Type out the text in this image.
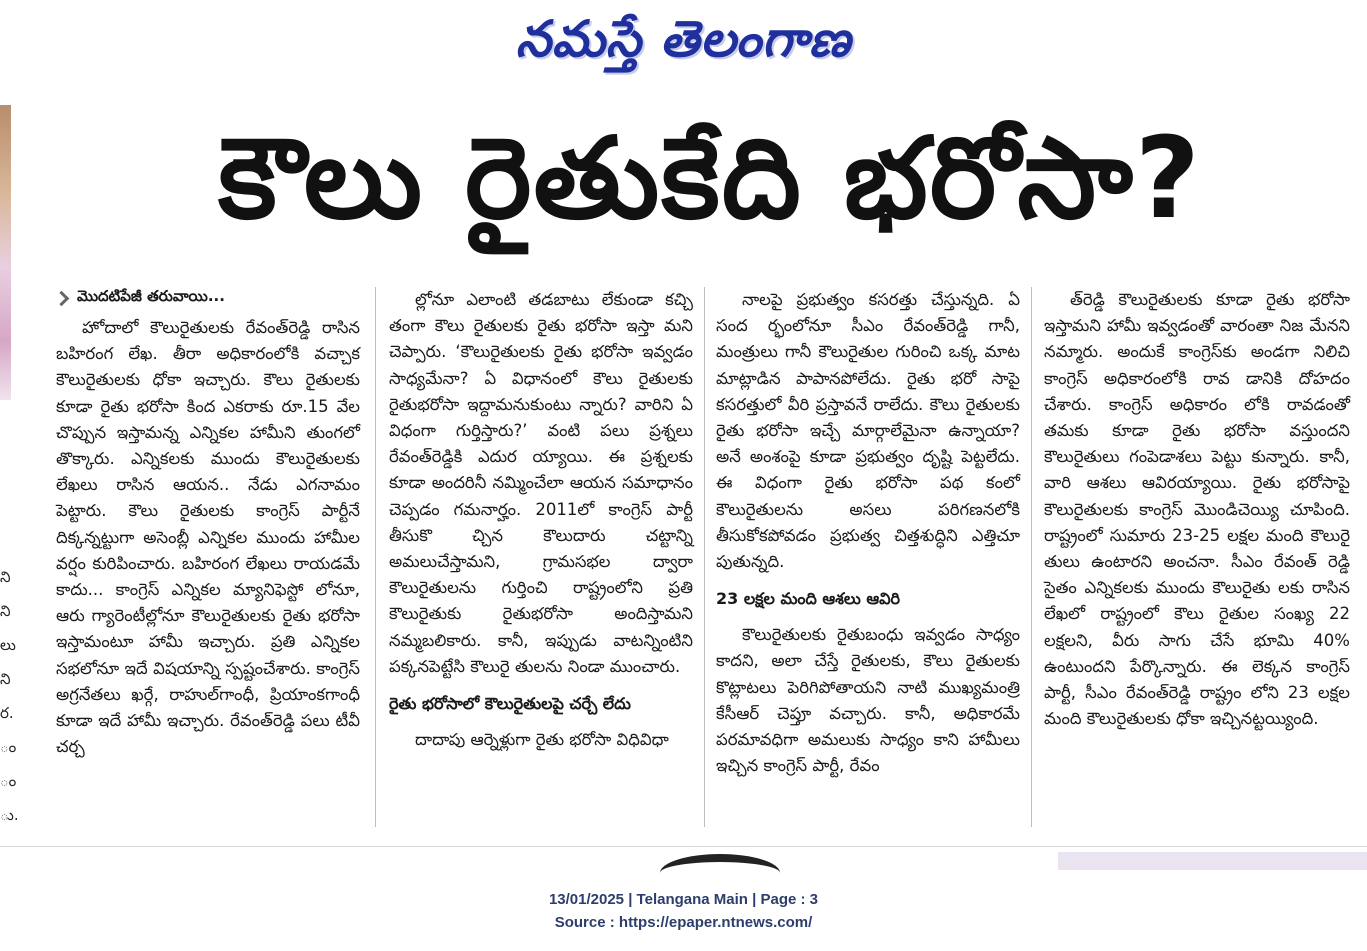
నమస్తే తెలంగాణ
ని
ని
లు
ని
ర.
ం
ం
ు.
కౌలు రైతుకేది భరోసా?
మొదటిపేజీ తరువాయి...

హోదాలో కౌలురైతులకు రేవంత్‌రెడ్డి రాసిన బహిరంగ లేఖ. తీరా అధికారంలోకి వచ్చాక కౌలురైతులకు ధోకా ఇచ్చారు. కౌలు రైతులకు కూడా రైతు భరోసా కింద ఎకరాకు రూ.15 వేల చొప్పున ఇస్తామన్న ఎన్నికల హామీని తుంగలో తొక్కారు. ఎన్నికలకు ముందు కౌలురైతులకు లేఖలు రాసిన ఆయన.. నేడు ఎగనామం పెట్టారు. కౌలు రైతులకు కాంగ్రెస్ పార్టీనే దిక్కన్నట్టుగా అసెంబ్లీ ఎన్నికల ముందు హామీల వర్షం కురిపించారు. బహిరంగ లేఖలు రాయడమే కాదు... కాంగ్రెస్ ఎన్నికల మ్యానిఫెస్టో లోనూ, ఆరు గ్యారెంటీల్లోనూ కౌలురైతులకు రైతు భరోసా ఇస్తామంటూ హామీ ఇచ్చారు. ప్రతి ఎన్నికల సభలోనూ ఇదే విషయాన్ని స్పష్టంచేశారు. కాంగ్రెస్ అగ్రనేతలు ఖర్గే, రాహుల్‌గాంధీ, ప్రియాంకగాంధీ కూడా ఇదే హామీ ఇచ్చారు. రేవంత్‌రెడ్డి పలు టీవీ చర్చ

ల్లోనూ ఎలాంటి తడబాటు లేకుండా కచ్చి తంగా కౌలు రైతులకు రైతు భరోసా ఇస్తా మని చెప్పారు. ‘కౌలురైతులకు రైతు భరోసా ఇవ్వడం సాధ్యమేనా? ఏ విధానంలో కౌలు రైతులకు రైతుభరోసా ఇద్దామనుకుంటు న్నారు? వారిని ఏ విధంగా గుర్తిస్తారు?’ వంటి పలు ప్రశ్నలు రేవంత్‌రెడ్డికి ఎదుర య్యాయి. ఈ ప్రశ్నలకు కూడా అందరినీ నమ్మించేలా ఆయన సమాధానం చెప్పడం గమనార్హం. 2011లో కాంగ్రెస్ పార్టీ తీసుకొ చ్చిన కౌలుదారు చట్టాన్ని అమలుచేస్తామని, గ్రామసభల ద్వారా కౌలురైతులను గుర్తించి రాష్ట్రంలోని ప్రతి కౌలురైతుకు రైతుభరోసా అందిస్తామని నమ్మబలికారు. కానీ, ఇప్పుడు వాటన్నింటిని పక్కనపెట్టేసి కౌలురై తులను నిండా ముంచారు.

రైతు భరోసాలో కౌలురైతులపై చర్చే లేదు

దాదాపు ఆర్నెళ్లుగా రైతు భరోసా విధివిధా

నాలపై ప్రభుత్వం కసరత్తు చేస్తున్నది. ఏ సంద ర్భంలోనూ సీఎం రేవంత్‌రెడ్డి గానీ, మంత్రులు గానీ కౌలురైతుల గురించి ఒక్క మాట మాట్లాడిన పాపానపోలేదు. రైతు భరో సాపై కసరత్తులో వీరి ప్రస్తావనే రాలేదు. కౌలు రైతులకు రైతు భరోసా ఇచ్చే మార్గాలేమైనా ఉన్నాయా? అనే అంశంపై కూడా ప్రభుత్వం దృష్టి పెట్టలేదు. ఈ విధంగా రైతు భరోసా పథ కంలో కౌలురైతులను అసలు పరిగణనలోకి తీసుకోకపోవడం ప్రభుత్వ చిత్తశుద్ధిని ఎత్తిచూ పుతున్నది.

23 లక్షల మంది ఆశలు ఆవిరి

కౌలురైతులకు రైతుబంధు ఇవ్వడం సాధ్యం కాదని, అలా చేస్తే రైతులకు, కౌలు రైతులకు కొట్లాటలు పెరిగిపోతాయని నాటి ముఖ్యమంత్రి కేసీఆర్ చెప్తూ వచ్చారు. కానీ, అధికారమే పరమావధిగా అమలుకు సాధ్యం కాని హామీలు ఇచ్చిన కాంగ్రెస్ పార్టీ, రేవం

త్‌రెడ్డి కౌలురైతులకు కూడా రైతు భరోసా ఇస్తామని హామీ ఇవ్వడంతో వారంతా నిజ మేనని నమ్మారు. అందుకే కాంగ్రెస్‌కు అండగా నిలిచి కాంగ్రెస్ అధికారంలోకి రావ డానికి దోహదం చేశారు. కాంగ్రెస్ అధికారం లోకి రావడంతో తమకు కూడా రైతు భరోసా వస్తుందని కౌలురైతులు గంపెడాశలు పెట్టు కున్నారు. కానీ, వారి ఆశలు ఆవిరయ్యాయి. రైతు భరోసాపై కౌలురైతులకు కాంగ్రెస్ మొండిచెయ్యి చూపింది. రాష్ట్రంలో సుమారు 23-25 లక్షల మంది కౌలురై తులు ఉంటారని అంచనా. సీఎం రేవంత్ రెడ్డి సైతం ఎన్నికలకు ముందు కౌలురైతు లకు రాసిన లేఖలో రాష్ట్రంలో కౌలు రైతుల సంఖ్య 22 లక్షలని, వీరు సాగు చేసే భూమి 40% ఉంటుందని పేర్కొన్నారు. ఈ లెక్కన కాంగ్రెస్ పార్టీ, సీఎం రేవంత్‌రెడ్డి రాష్ట్రం లోని 23 లక్షల మంది కౌలురైతులకు ధోకా ఇచ్చినట్టయ్యింది.

13/01/2025 | Telangana Main | Page : 3
Source : https://epaper.ntnews.com/
